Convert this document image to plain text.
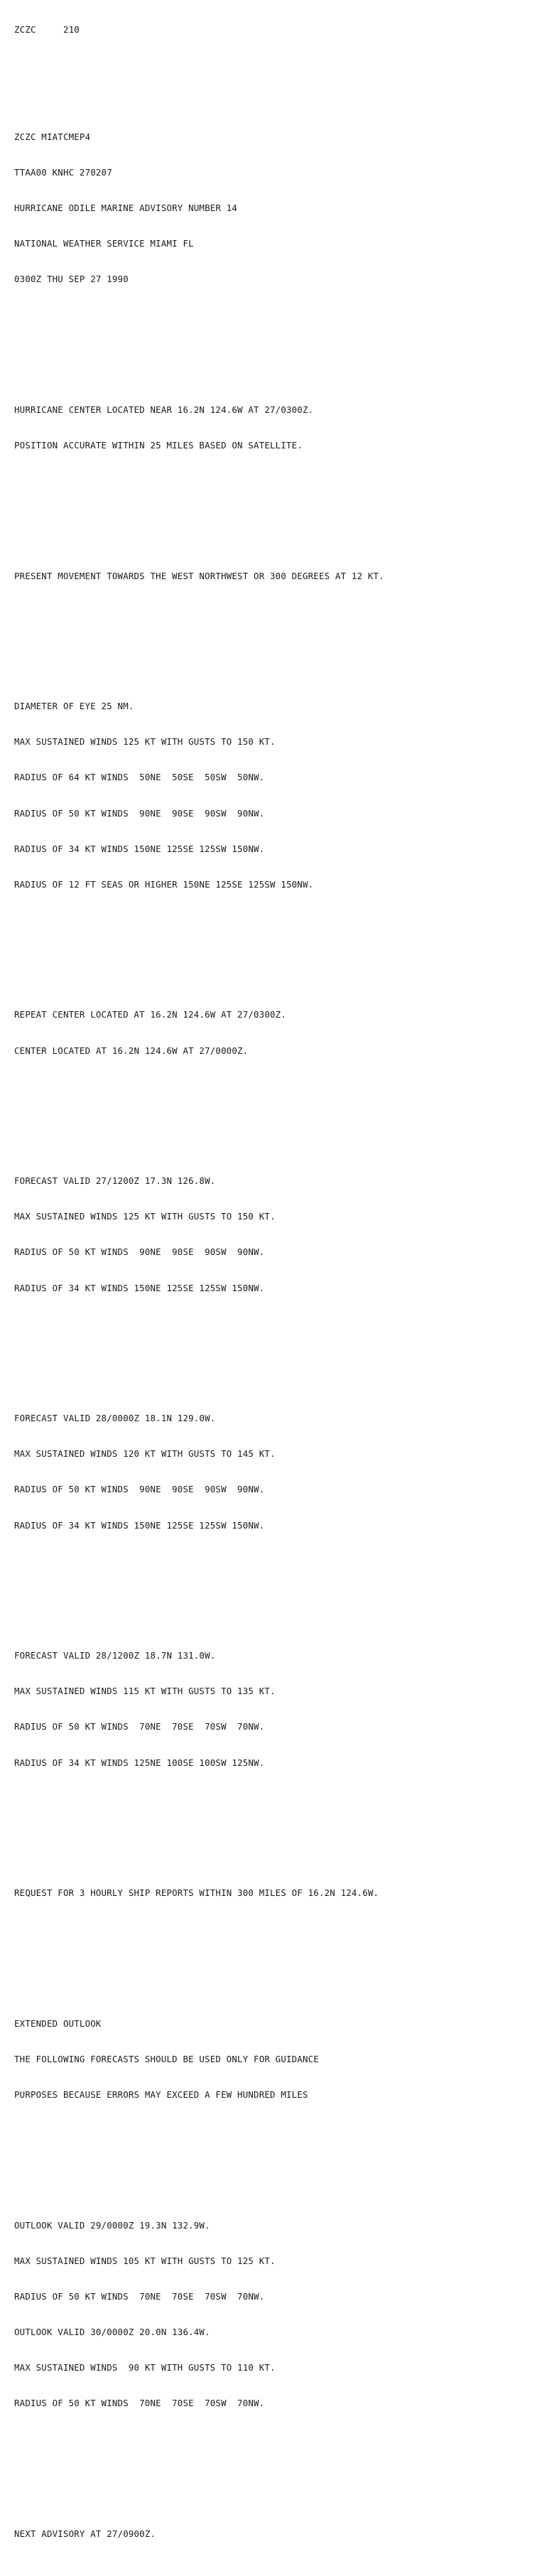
ZCZC     210

ZCZC MIATCMEP4

TTAA00 KNHC 270207

HURRICANE ODILE MARINE ADVISORY NUMBER 14

NATIONAL WEATHER SERVICE MIAMI FL

0300Z THU SEP 27 1990

HURRICANE CENTER LOCATED NEAR 16.2N 124.6W AT 27/0300Z.

POSITION ACCURATE WITHIN 25 MILES BASED ON SATELLITE.

PRESENT MOVEMENT TOWARDS THE WEST NORTHWEST OR 300 DEGREES AT 12 KT.

DIAMETER OF EYE 25 NM.

MAX SUSTAINED WINDS 125 KT WITH GUSTS TO 150 KT.

RADIUS OF 64 KT WINDS  50NE  50SE  50SW  50NW.

RADIUS OF 50 KT WINDS  90NE  90SE  90SW  90NW.

RADIUS OF 34 KT WINDS 150NE 125SE 125SW 150NW.

RADIUS OF 12 FT SEAS OR HIGHER 150NE 125SE 125SW 150NW.

REPEAT CENTER LOCATED AT 16.2N 124.6W AT 27/0300Z.

CENTER LOCATED AT 16.2N 124.6W AT 27/0000Z.

FORECAST VALID 27/1200Z 17.3N 126.8W.

MAX SUSTAINED WINDS 125 KT WITH GUSTS TO 150 KT.

RADIUS OF 50 KT WINDS  90NE  90SE  90SW  90NW.

RADIUS OF 34 KT WINDS 150NE 125SE 125SW 150NW.

FORECAST VALID 28/0000Z 18.1N 129.0W.

MAX SUSTAINED WINDS 120 KT WITH GUSTS TO 145 KT.

RADIUS OF 50 KT WINDS  90NE  90SE  90SW  90NW.

RADIUS OF 34 KT WINDS 150NE 125SE 125SW 150NW.

FORECAST VALID 28/1200Z 18.7N 131.0W.

MAX SUSTAINED WINDS 115 KT WITH GUSTS TO 135 KT.

RADIUS OF 50 KT WINDS  70NE  70SE  70SW  70NW.

RADIUS OF 34 KT WINDS 125NE 100SE 100SW 125NW.

REQUEST FOR 3 HOURLY SHIP REPORTS WITHIN 300 MILES OF 16.2N 124.6W.

EXTENDED OUTLOOK

THE FOLLOWING FORECASTS SHOULD BE USED ONLY FOR GUIDANCE

PURPOSES BECAUSE ERRORS MAY EXCEED A FEW HUNDRED MILES

OUTLOOK VALID 29/0000Z 19.3N 132.9W.

MAX SUSTAINED WINDS 105 KT WITH GUSTS TO 125 KT.

RADIUS OF 50 KT WINDS  70NE  70SE  70SW  70NW.

OUTLOOK VALID 30/0000Z 20.0N 136.4W.

MAX SUSTAINED WINDS  90 KT WITH GUSTS TO 110 KT.

RADIUS OF 50 KT WINDS  70NE  70SE  70SW  70NW.

NEXT ADVISORY AT 27/0900Z.
